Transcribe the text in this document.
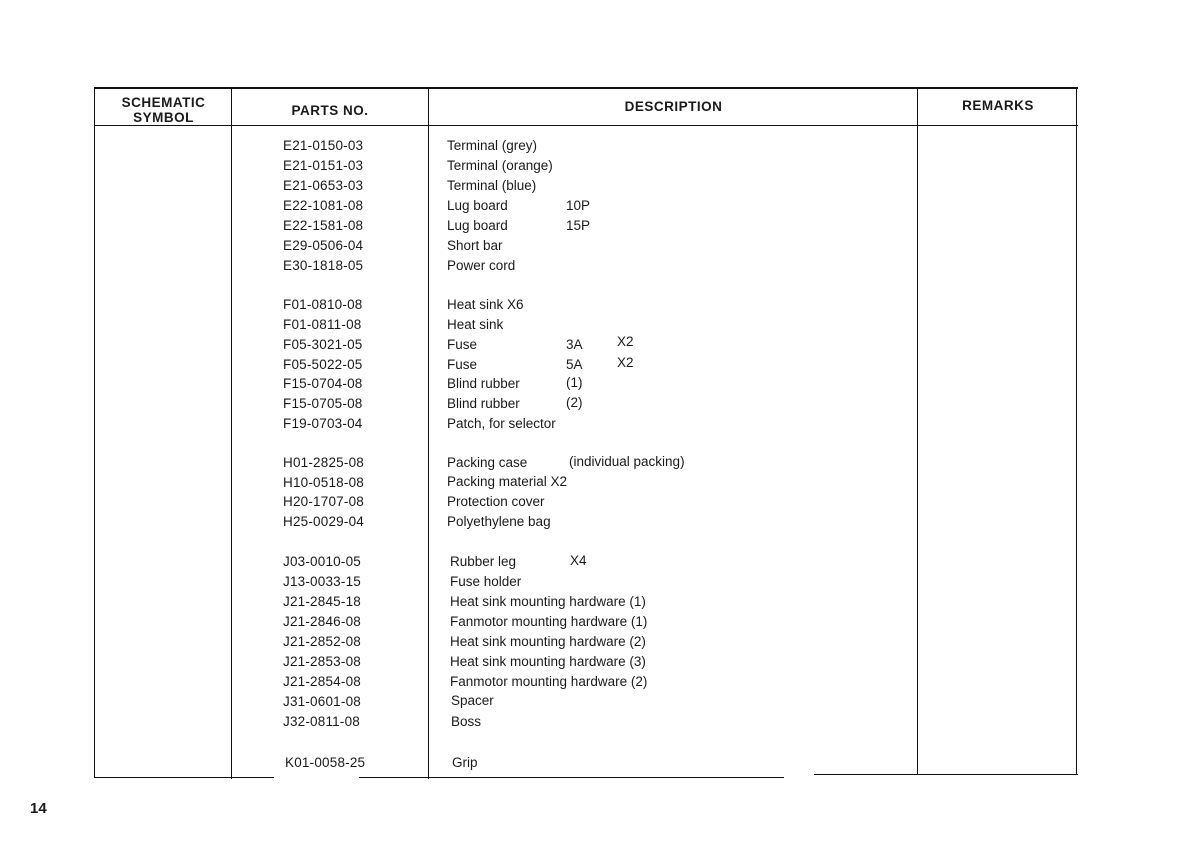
SCHEMATIC
SYMBOL	PARTS NO.	DESCRIPTION	REMARKS
E21-0150-03	Terminal (grey)
E21-0151-03	Terminal (orange)
E21-0653-03	Terminal (blue)
E22-1081-08	Lug board	10P
E22-1581-08	Lug board	15P
E29-0506-04	Short bar
E30-1818-05	Power cord
F01-0810-08	Heat sink X6
F01-0811-08	Heat sink
F05-3021-05	Fuse	3A	X2
F05-5022-05	Fuse	5A	X2
F15-0704-08	Blind rubber	(1)
F15-0705-08	Blind rubber	(2)
F19-0703-04	Patch, for selector
H01-2825-08	Packing case	(individual packing)
H10-0518-08	Packing material X2
H20-1707-08	Protection cover
H25-0029-04	Polyethylene bag
J03-0010-05	Rubber leg	X4
J13-0033-15	Fuse holder
J21-2845-18	Heat sink mounting hardware (1)
J21-2846-08	Fanmotor mounting hardware (1)
J21-2852-08	Heat sink mounting hardware (2)
J21-2853-08	Heat sink mounting hardware (3)
J21-2854-08	Fanmotor mounting hardware (2)
J31-0601-08	Spacer
J32-0811-08	Boss
K01-0058-25	Grip
14
